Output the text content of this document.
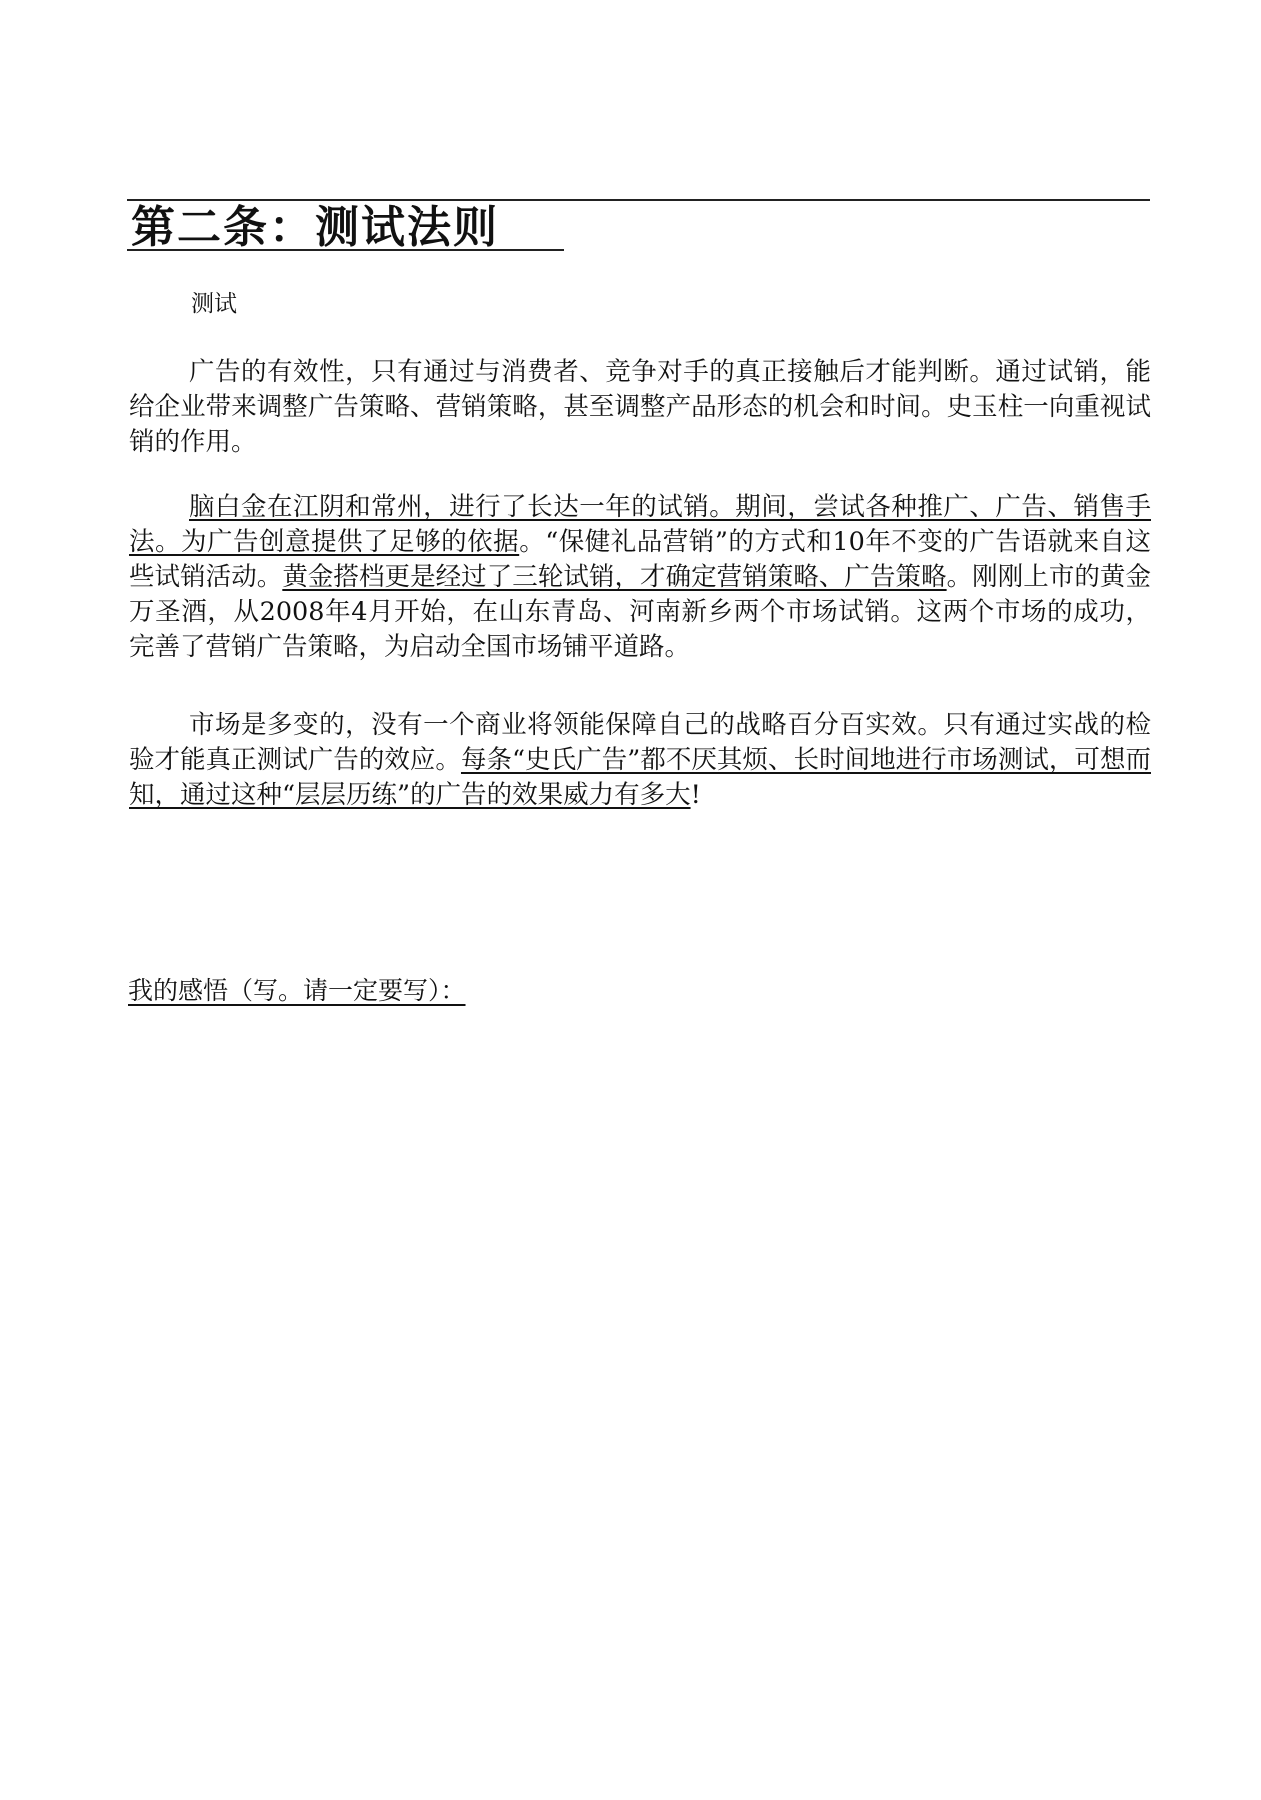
第二条：测试法则

测试

广告的有效性，只有通过与消费者、竞争对手的真正接触后才能判断。通过试销，能给企业带来调整广告策略、营销策略，甚至调整产品形态的机会和时间。史玉柱一向重视试销的作用。

脑白金在江阴和常州，进行了长达一年的试销。期间，尝试各种推广、广告、销售手法。为广告创意提供了足够的依据。“保健礼品营销”的方式和10年不变的广告语就来自这些试销活动。黄金搭档更是经过了三轮试销，才确定营销策略、广告策略。刚刚上市的黄金万圣酒，从2008年4月开始，在山东青岛、河南新乡两个市场试销。这两个市场的成功，完善了营销广告策略，为启动全国市场铺平道路。

市场是多变的，没有一个商业将领能保障自己的战略百分百实效。只有通过实战的检验才能真正测试广告的效应。每条“史氏广告”都不厌其烦、长时间地进行市场测试，可想而知，通过这种“层层历练”的广告的效果威力有多大!

我的感悟（写。请一定要写）：
